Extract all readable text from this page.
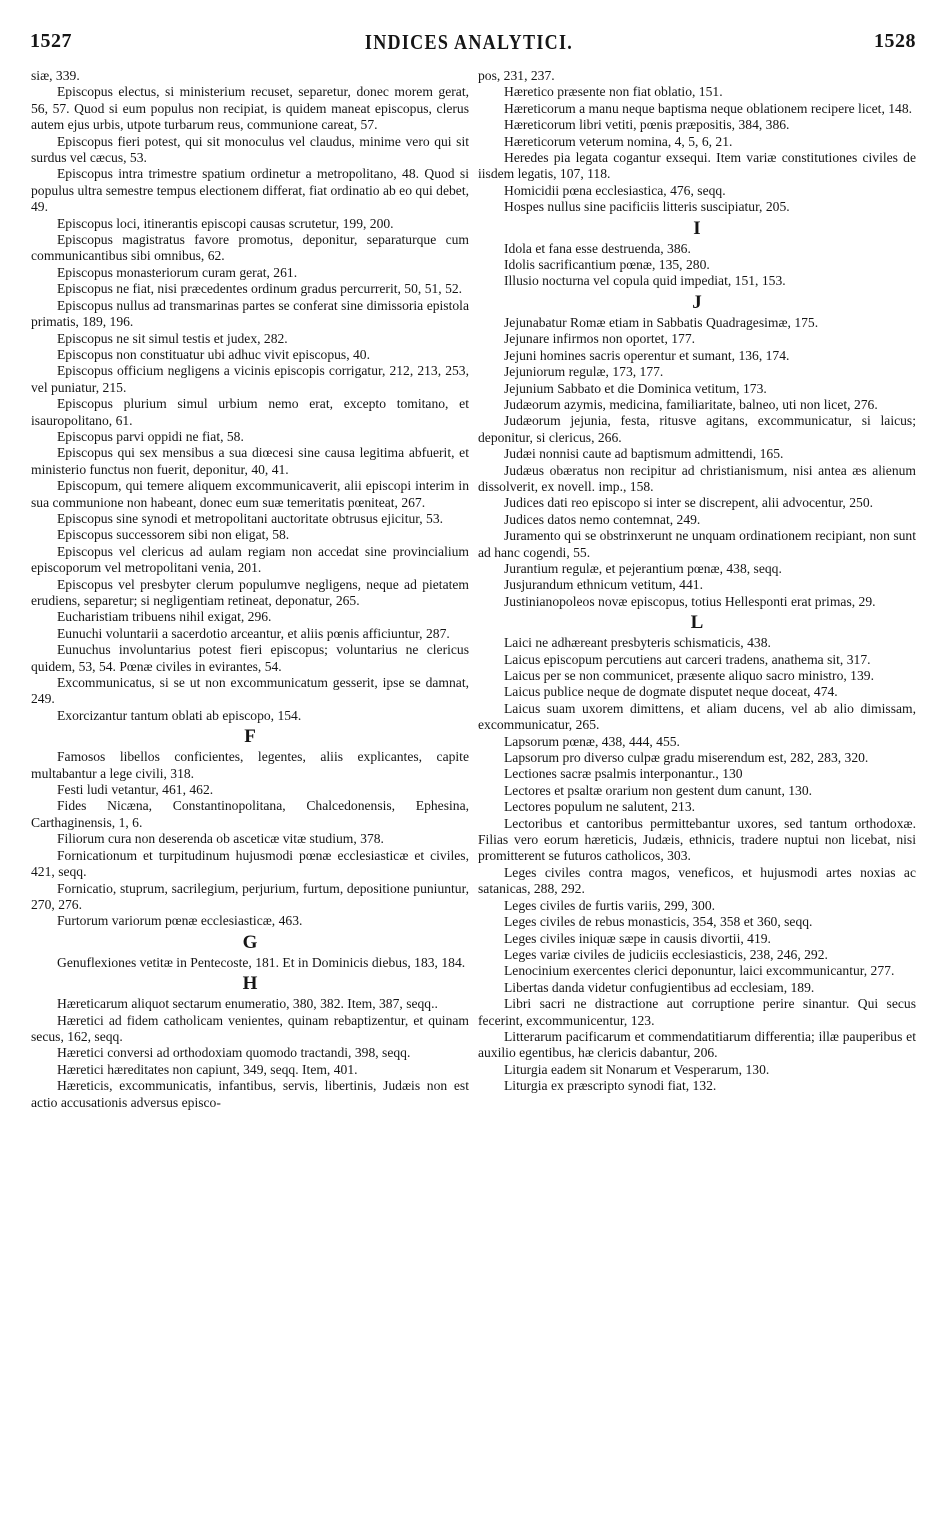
1527	INDICES ANALYTICI.	1528

siæ, 339.

Episcopus electus, si ministerium recuset, separetur, donec morem gerat, 56, 57. Quod si eum populus non recipiat, is quidem maneat episcopus, clerus autem ejus urbis, utpote turbarum reus, communione careat, 57.

Episcopus fieri potest, qui sit monoculus vel claudus, minime vero qui sit surdus vel cæcus, 53.

Episcopus intra trimestre spatium ordinetur a metropolitano, 48. Quod si populus ultra semestre tempus electionem differat, fiat ordinatio ab eo qui debet, 49.

Episcopus loci, itinerantis episcopi causas scrutetur, 199, 200.

Episcopus magistratus favore promotus, deponitur, separaturque cum communicantibus sibi omnibus, 62.

Episcopus monasteriorum curam gerat, 261.

Episcopus ne fiat, nisi præcedentes ordinum gradus percurrerit, 50, 51, 52.

Episcopus nullus ad transmarinas partes se conferat sine dimissoria epistola primatis, 189, 196.

Episcopus ne sit simul testis et judex, 282.

Episcopus non constituatur ubi adhuc vivit episcopus, 40.

Episcopus officium negligens a vicinis episcopis corrigatur, 212, 213, 253, vel puniatur, 215.

Episcopus plurium simul urbium nemo erat, excepto tomitano, et isauropolitano, 61.

Episcopus parvi oppidi ne fiat, 58.

Episcopus qui sex mensibus a sua diœcesi sine causa legitima abfuerit, et ministerio functus non fuerit, deponitur, 40, 41.

Episcopum, qui temere aliquem excommunicaverit, alii episcopi interim in sua communione non habeant, donec eum suæ temeritatis pœniteat, 267.

Episcopus sine synodi et metropolitani auctoritate obtrusus ejicitur, 53.

Episcopus successorem sibi non eligat, 58.

Episcopus vel clericus ad aulam regiam non accedat sine provincialium episcoporum vel metropolitani venia, 201.

Episcopus vel presbyter clerum populumve negligens, neque ad pietatem erudiens, separetur; si negligentiam retineat, deponatur, 265.

Eucharistiam tribuens nihil exigat, 296.

Eunuchi voluntarii a sacerdotio arceantur, et aliis pœnis afficiuntur, 287.

Eunuchus involuntarius potest fieri episcopus; voluntarius ne clericus quidem, 53, 54. Pœnæ civiles in evirantes, 54.

Excommunicatus, si se ut non excommunicatum gesserit, ipse se damnat, 249.

Exorcizantur tantum oblati ab episcopo, 154.

F

Famosos libellos conficientes, legentes, aliis explicantes, capite multabantur a lege civili, 318.

Festi ludi vetantur, 461, 462.

Fides Nicæna, Constantinopolitana, Chalcedonensis, Ephesina, Carthaginensis, 1, 6.

Filiorum cura non deserenda ob asceticæ vitæ studium, 378.

Fornicationum et turpitudinum hujusmodi pœnæ ecclesiasticæ et civiles, 421, seqq.

Fornicatio, stuprum, sacrilegium, perjurium, furtum, depositione puniuntur, 270, 276.

Furtorum variorum pœnæ ecclesiasticæ, 463.

G

Genuflexiones vetitæ in Pentecoste, 181. Et in Dominicis diebus, 183, 184.

H

Hæreticarum aliquot sectarum enumeratio, 380, 382. Item, 387, seqq..

Hæretici ad fidem catholicam venientes, quinam rebaptizentur, et quinam secus, 162, seqq.

Hæretici conversi ad orthodoxiam quomodo tractandi, 398, seqq.

Hæretici hæreditates non capiunt, 349, seqq. Item, 401.

Hæreticis, excommunicatis, infantibus, servis, libertinis, Judæis non est actio accusationis adversus episco-

pos, 231, 237.

Hæretico præsente non fiat oblatio, 151.

Hæreticorum a manu neque baptisma neque oblationem recipere licet, 148.

Hæreticorum libri vetiti, pœnis præpositis, 384, 386.

Hæreticorum veterum nomina, 4, 5, 6, 21.

Heredes pia legata cogantur exsequi. Item variæ constitutiones civiles de iisdem legatis, 107, 118.

Homicidii pœna ecclesiastica, 476, seqq.

Hospes nullus sine pacificiis litteris suscipiatur, 205.

I

Idola et fana esse destruenda, 386.

Idolis sacrificantium pœnæ, 135, 280.

Illusio nocturna vel copula quid impediat, 151, 153.

J

Jejunabatur Romæ etiam in Sabbatis Quadragesimæ, 175.

Jejunare infirmos non oportet, 177.

Jejuni homines sacris operentur et sumant, 136, 174.

Jejuniorum regulæ, 173, 177.

Jejunium Sabbato et die Dominica vetitum, 173.

Judæorum azymis, medicina, familiaritate, balneo, uti non licet, 276.

Judæorum jejunia, festa, ritusve agitans, excommunicatur, si laicus; deponitur, si clericus, 266.

Judæi nonnisi caute ad baptismum admittendi, 165.

Judæus obæratus non recipitur ad christianismum, nisi antea æs alienum dissolverit, ex novell. imp., 158.

Judices dati reo episcopo si inter se discrepent, alii advocentur, 250.

Judices datos nemo contemnat, 249.

Juramento qui se obstrinxerunt ne unquam ordinationem recipiant, non sunt ad hanc cogendi, 55.

Jurantium regulæ, et pejerantium pœnæ, 438, seqq.

Jusjurandum ethnicum vetitum, 441.

Justinianopoleos novæ episcopus, totius Hellesponti erat primas, 29.

L

Laici ne adhæreant presbyteris schismaticis, 438.

Laicus episcopum percutiens aut carceri tradens, anathema sit, 317.

Laicus per se non communicet, præsente aliquo sacro ministro, 139.

Laicus publice neque de dogmate disputet neque doceat, 474.

Laicus suam uxorem dimittens, et aliam ducens, vel ab alio dimissam, excommunicatur, 265.

Lapsorum pœnæ, 438, 444, 455.

Lapsorum pro diverso culpæ gradu miserendum est, 282, 283, 320.

Lectiones sacræ psalmis interponantur., 130

Lectores et psaltæ orarium non gestent dum canunt, 130.

Lectores populum ne salutent, 213.

Lectoribus et cantoribus permittebantur uxores, sed tantum orthodoxæ. Filias vero eorum hæreticis, Judæis, ethnicis, tradere nuptui non licebat, nisi promitterent se futuros catholicos, 303.

Leges civiles contra magos, veneficos, et hujusmodi artes noxias ac satanicas, 288, 292.

Leges civiles de furtis variis, 299, 300.

Leges civiles de rebus monasticis, 354, 358 et 360, seqq.

Leges civiles iniquæ sæpe in causis divortii, 419.

Leges variæ civiles de judiciis ecclesiasticis, 238, 246, 292.

Lenocinium exercentes clerici deponuntur, laici excommunicantur, 277.

Libertas danda videtur confugientibus ad ecclesiam, 189.

Libri sacri ne distractione aut corruptione perire sinantur. Qui secus fecerint, excommunicentur, 123.

Litterarum pacificarum et commendatitiarum differentia; illæ pauperibus et auxilio egentibus, hæ clericis dabantur, 206.

Liturgia eadem sit Nonarum et Vesperarum, 130.

Liturgia ex præscripto synodi fiat, 132.
